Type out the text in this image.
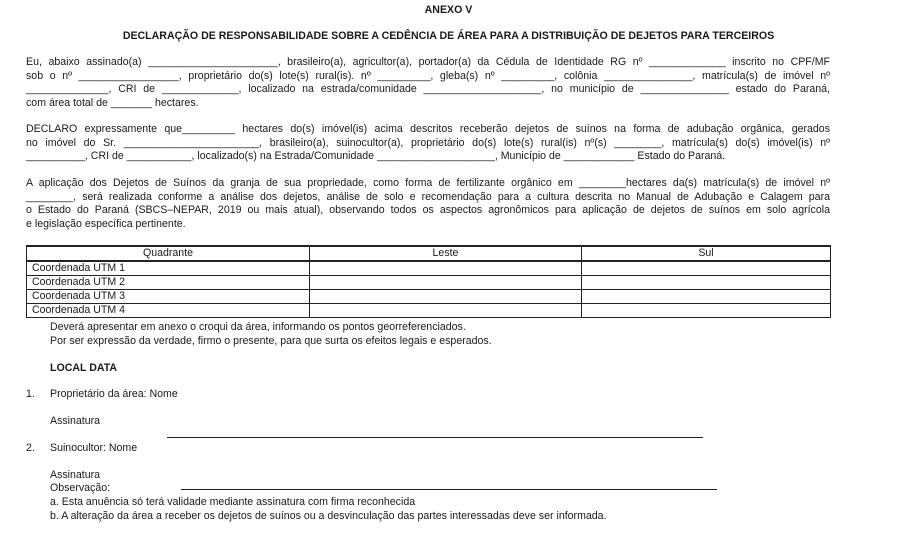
ANEXO V
DECLARAÇÃO DE RESPONSABILIDADE SOBRE A CEDÊNCIA DE ÁREA PARA A DISTRIBUIÇÃO DE DEJETOS PARA TERCEIROS
Eu, abaixo assinado(a) ______________________, brasileiro(a), agricultor(a), portador(a) da Cédula de Identidade RG nº _____________ inscrito no CPF/MF
sob o nº _________________, proprietário do(s) lote(s) rural(is). nº _________, gleba(s) nº _________, colônia _______________, matrícula(s) de imóvel nº
______________, CRI de _____________, localizado na estrada/comunidade ____________________, no município de _______________ estado do Paraná,
com área total de _______ hectares.
DECLARO expressamente que_________ hectares do(s) imóvel(is) acima descritos receberão dejetos de suínos na forma de adubação orgânica, gerados
no imóvel do Sr. _______________________, brasileiro(a), suinocultor(a), proprietário do(s) lote(s) rural(is) nº(s) ________, matrícula(s) do(s) imóvel(is) nº
__________, CRI de ___________, localizado(s) na Estrada/Comunidade ____________________, Município de ____________ Estado do Paraná.
A aplicação dos Dejetos de Suínos da granja de sua propriedade, como forma de fertilizante orgânico em ________hectares da(s) matrícula(s) de imóvel nº
________, será realizada conforme a análise dos dejetos, análise de solo e recomendação para a cultura descrita no Manual de Adubação e Calagem para
o Estado do Paraná (SBCS–NEPAR, 2019 ou mais atual), observando todos os aspectos agronômicos para aplicação de dejetos de suínos em solo agrícola
e legislação específica pertinente.
Quadrante	Leste	Sul
Coordenada UTM 1		
Coordenada UTM 2		
Coordenada UTM 3		
Coordenada UTM 4		
Deverá apresentar em anexo o croqui da área, informando os pontos georreferenciados.
Por ser expressão da verdade, firmo o presente, para que surta os efeitos legais e esperados.
LOCAL DATA
1. Proprietário da área: Nome
Assinatura
2. Suinocultor: Nome
Assinatura
Observação:
a. Esta anuência só terá validade mediante assinatura com firma reconhecida
b. A alteração da área a receber os dejetos de suínos ou a desvinculação das partes interessadas deve ser informada.
